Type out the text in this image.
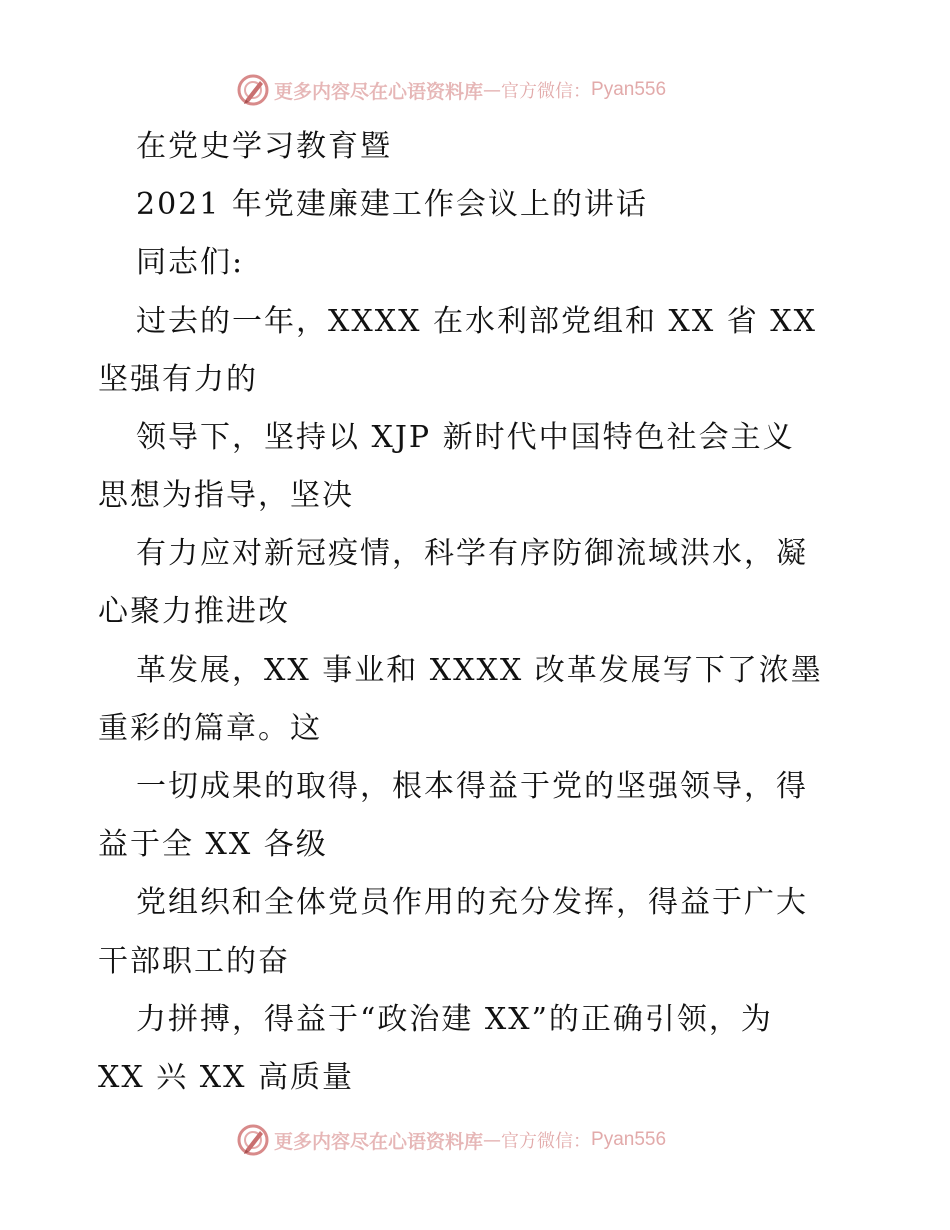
更多内容尽在心语资料库 — 官方微信： Pyan556
在党史学习教育暨
2021 年党建廉建工作会议上的讲话
同志们:
过去的一年，XXXX 在水利部党组和 XX 省 XX
坚强有力的
领导下，坚持以 XJP 新时代中国特色社会主义
思想为指导，坚决
有力应对新冠疫情，科学有序防御流域洪水，凝
心聚力推进改
革发展，XX 事业和 XXXX 改革发展写下了浓墨
重彩的篇章。这
一切成果的取得，根本得益于党的坚强领导，得
益于全 XX 各级
党组织和全体党员作用的充分发挥，得益于广大
干部职工的奋
力拼搏，得益于“政治建 XX”的正确引领，为
XX 兴 XX 高质量
更多内容尽在心语资料库 — 官方微信： Pyan556
